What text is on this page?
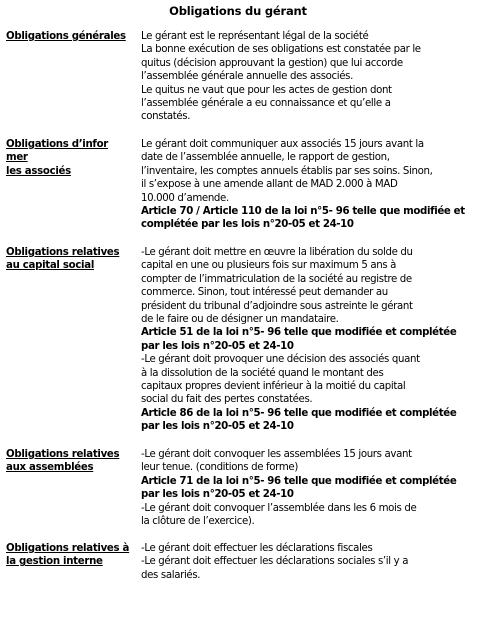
Obligations du gérant
Obligations générales	Le gérant est le représentant légal de la société
La bonne exécution de ses obligations est constatée par le
quitus (décision approuvant la gestion) que lui accorde
l’assemblée générale annuelle des associés.
Le quitus ne vaut que pour les actes de gestion dont
l’assemblée générale a eu connaissance et qu’elle a
constatés.
Obligations d’infor mer
les associés
Le gérant doit communiquer aux associés 15 jours avant la
date de l’assemblée annuelle, le rapport de gestion,
l’inventaire, les comptes annuels établis par ses soins. Sinon,
il s’expose à une amende allant de MAD 2.000 à MAD
10.000 d’amende.
Article 70 / Article 110 de la loi n°5- 96 telle que modifiée et
complétée par les lois n°20-05 et 24-10
Obligations relatives
au capital social
-Le gérant doit mettre en œuvre la libération du solde du
capital en une ou plusieurs fois sur maximum 5 ans à
compter de l’immatriculation de la société au registre de
commerce. Sinon, tout intéressé peut demander au
président du tribunal d’adjoindre sous astreinte le gérant
de le faire ou de désigner un mandataire.
Article 51 de la loi n°5- 96 telle que modifiée et complétée
par les lois n°20-05 et 24-10
-Le gérant doit provoquer une décision des associés quant
à la dissolution de la société quand le montant des
capitaux propres devient inférieur à la moitié du capital
social du fait des pertes constatées.
Article 86 de la loi n°5- 96 telle que modifiée et complétée
par les lois n°20-05 et 24-10
Obligations relatives
aux assemblées
-Le gérant doit convoquer les assemblées 15 jours avant
leur tenue. (conditions de forme)
Article 71 de la loi n°5- 96 telle que modifiée et complétée
par les lois n°20-05 et 24-10
-Le gérant doit convoquer l’assemblée dans les 6 mois de
la clôture de l’exercice).
Obligations relatives à
la gestion interne
-Le gérant doit effectuer les déclarations fiscales
-Le gérant doit effectuer les déclarations sociales s’il y a
des salariés.
